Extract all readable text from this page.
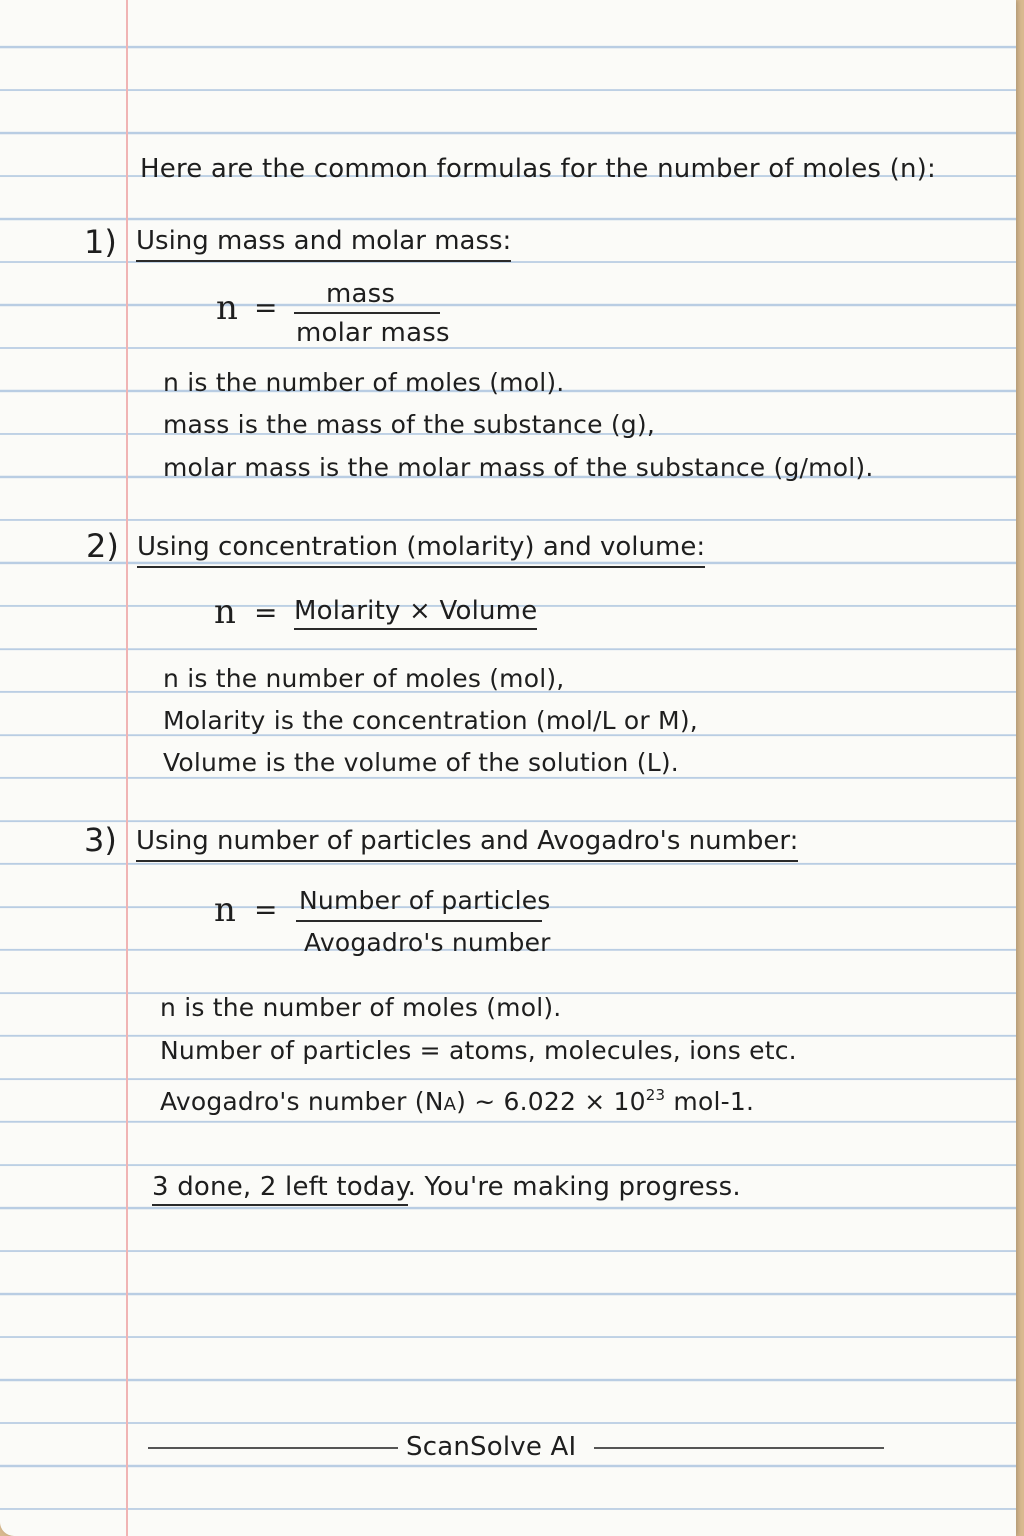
Here are the common formulas for the number of moles (n):
1) Using mass and molar mass:
n = mass
molar mass
n is the number of moles (mol).
mass is the mass of the substance (g),
molar mass is the molar mass of the substance (g/mol).
2) Using concentration (molarity) and volume:
n = Molarity × Volume
n is the number of moles (mol),
Molarity is the concentration (mol/L or M),
Volume is the volume of the solution (L).
3) Using number of particles and Avogadro's number:
n = Number of particles
Avogadro's number
n is the number of moles (mol).
Number of particles = atoms, molecules, ions etc.
Avogadro's number (NA) ~ $6.022 \times 10^{23}$ mol-1.
3 done, 2 left today. You're making progress.
ScanSolve AI
